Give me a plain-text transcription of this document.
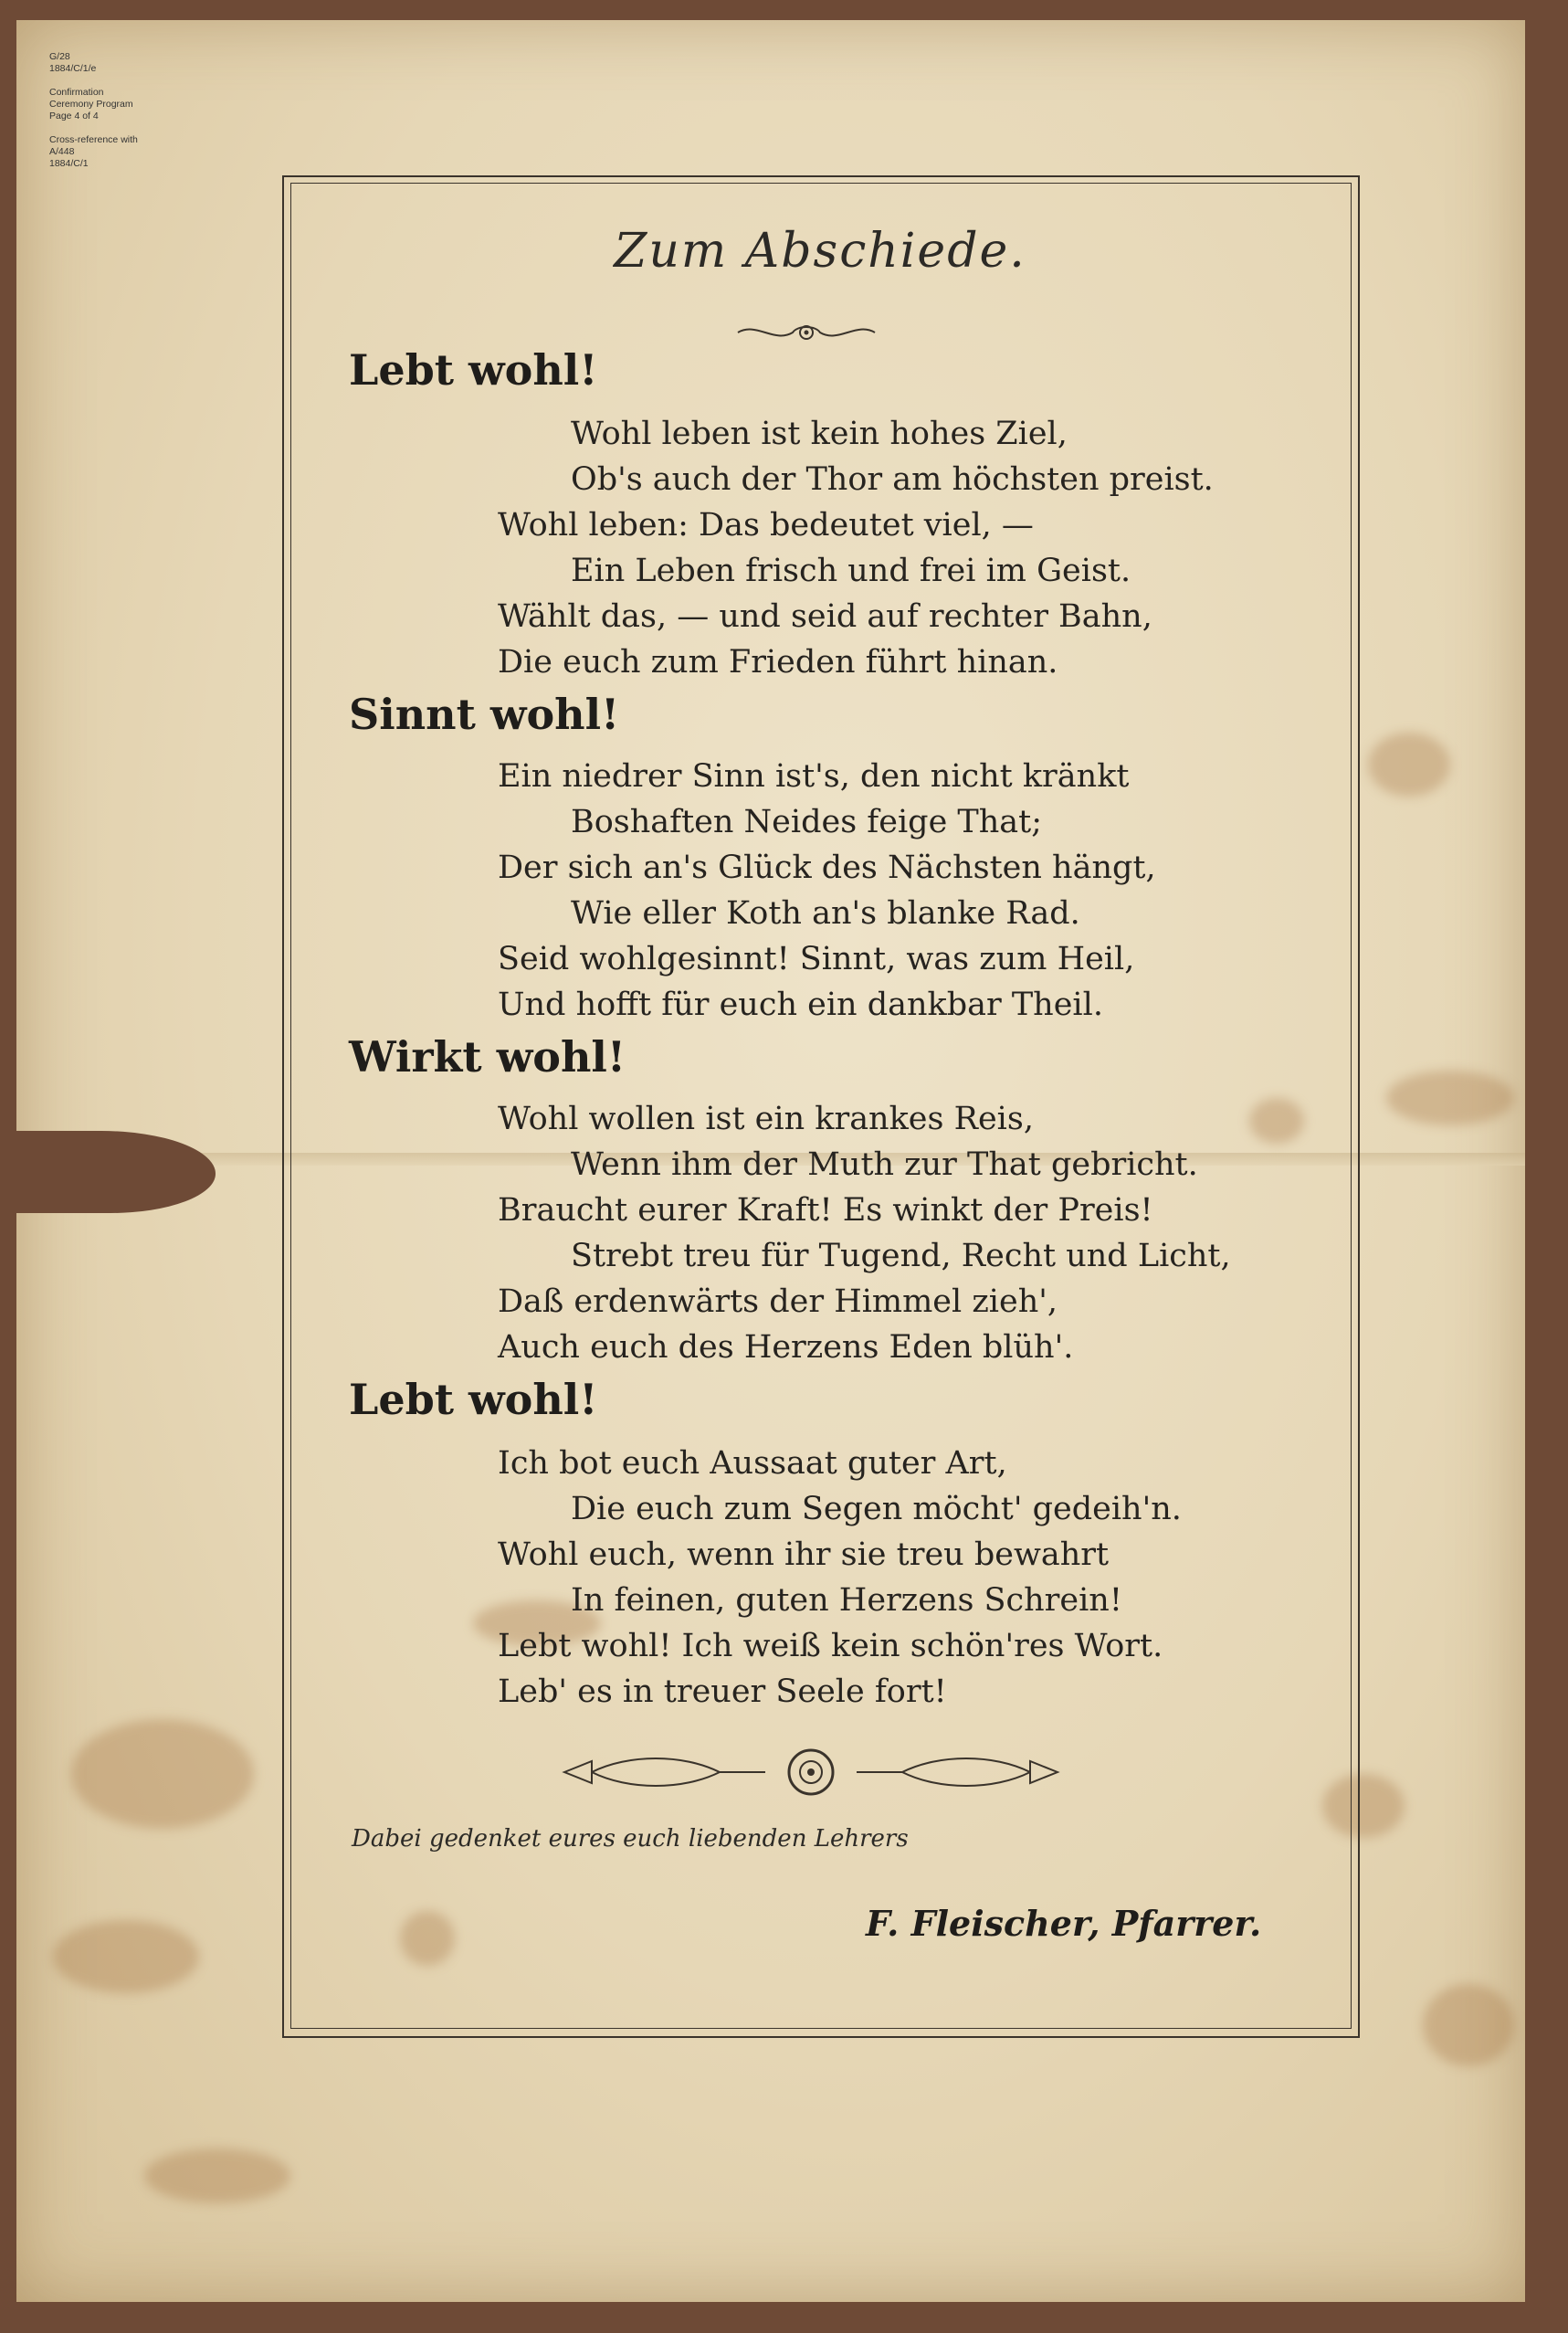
G/28
1884/C/1/e
Confirmation
Ceremony Program
Page 4 of 4
Cross-reference with
A/448
1884/C/1
Zum Abschiede.
Lebt wohl!
Wohl leben ist kein hohes Ziel,
Ob's auch der Thor am höchsten preist.
Wohl leben: Das bedeutet viel, —
Ein Leben frisch und frei im Geist.
Wählt das, — und seid auf rechter Bahn,
Die euch zum Frieden führt hinan.
Sinnt wohl!
Ein niedrer Sinn ist's, den nicht kränkt
Boshaften Neides feige That;
Der sich an's Glück des Nächsten hängt,
Wie eller Koth an's blanke Rad.
Seid wohlgesinnt! Sinnt, was zum Heil,
Und hofft für euch ein dankbar Theil.
Wirkt wohl!
Wohl wollen ist ein krankes Reis,
Wenn ihm der Muth zur That gebricht.
Braucht eurer Kraft! Es winkt der Preis!
Strebt treu für Tugend, Recht und Licht,
Daß erdenwärts der Himmel zieh',
Auch euch des Herzens Eden blüh'.
Lebt wohl!
Ich bot euch Aussaat guter Art,
Die euch zum Segen möcht' gedeih'n.
Wohl euch, wenn ihr sie treu bewahrt
In feinen, guten Herzens Schrein!
Lebt wohl! Ich weiß kein schön'res Wort.
Leb' es in treuer Seele fort!
Dabei gedenket eures euch liebenden Lehrers
F. Fleischer, Pfarrer.
